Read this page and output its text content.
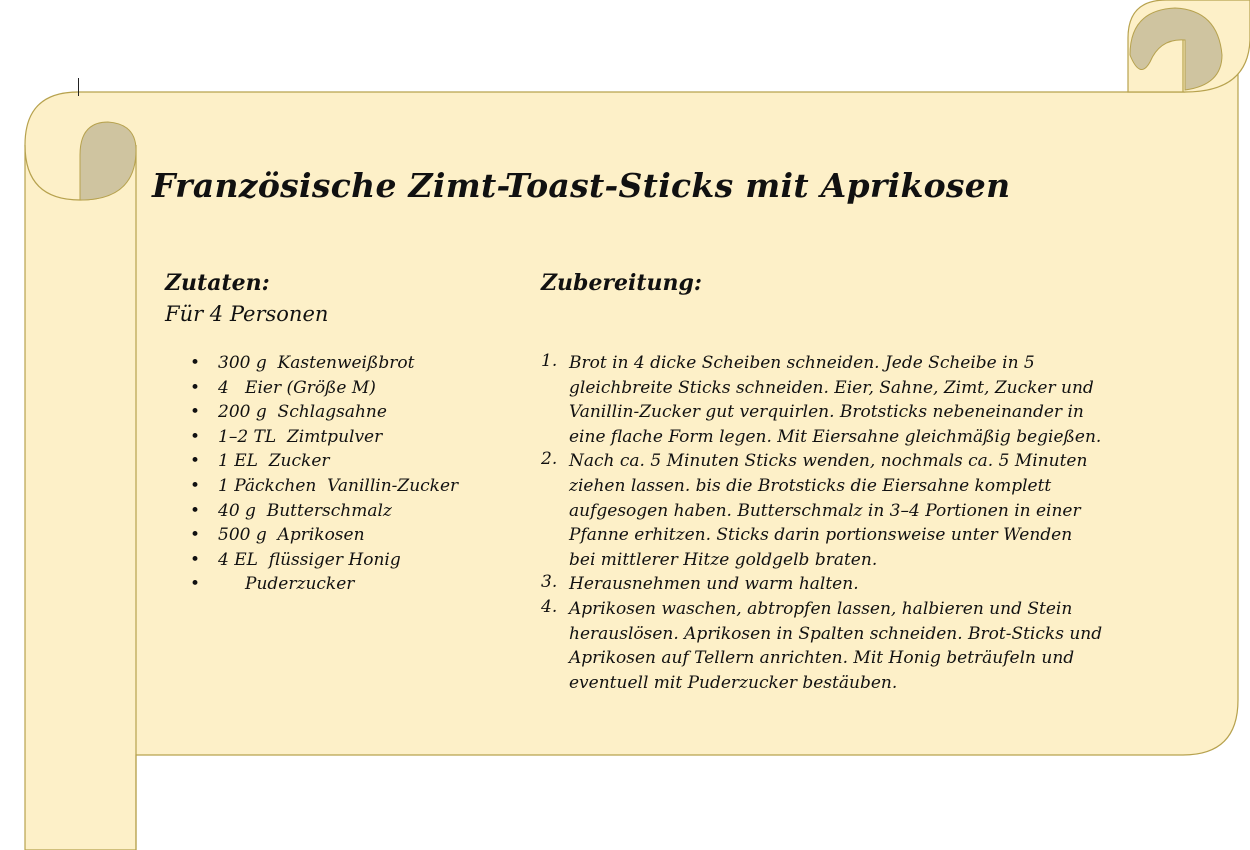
Französische Zimt-Toast-Sticks mit Aprikosen
Zutaten:
Für 4 Personen
Zubereitung:
• 300 g Kastenweißbrot
• 4 Eier (Größe M)
• 200 g Schlagsahne
• 1–2 TL Zimtpulver
• 1 EL Zucker
• 1 Päckchen Vanillin-Zucker
• 40 g Butterschmalz
• 500 g Aprikosen
• 4 EL flüssiger Honig
• Puderzucker
1. Brot in 4 dicke Scheiben schneiden. Jede Scheibe in 5
gleichbreite Sticks schneiden. Eier, Sahne, Zimt, Zucker und
Vanillin-Zucker gut verquirlen. Brotsticks nebeneinander in
eine flache Form legen. Mit Eiersahne gleichmäßig begießen.
2. Nach ca. 5 Minuten Sticks wenden, nochmals ca. 5 Minuten
ziehen lassen. bis die Brotsticks die Eiersahne komplett
aufgesogen haben. Butterschmalz in 3–4 Portionen in einer
Pfanne erhitzen. Sticks darin portionsweise unter Wenden
bei mittlerer Hitze goldgelb braten.
3. Herausnehmen und warm halten.
4. Aprikosen waschen, abtropfen lassen, halbieren und Stein
herauslösen. Aprikosen in Spalten schneiden. Brot-Sticks und
Aprikosen auf Tellern anrichten. Mit Honig beträufeln und
eventuell mit Puderzucker bestäuben.
